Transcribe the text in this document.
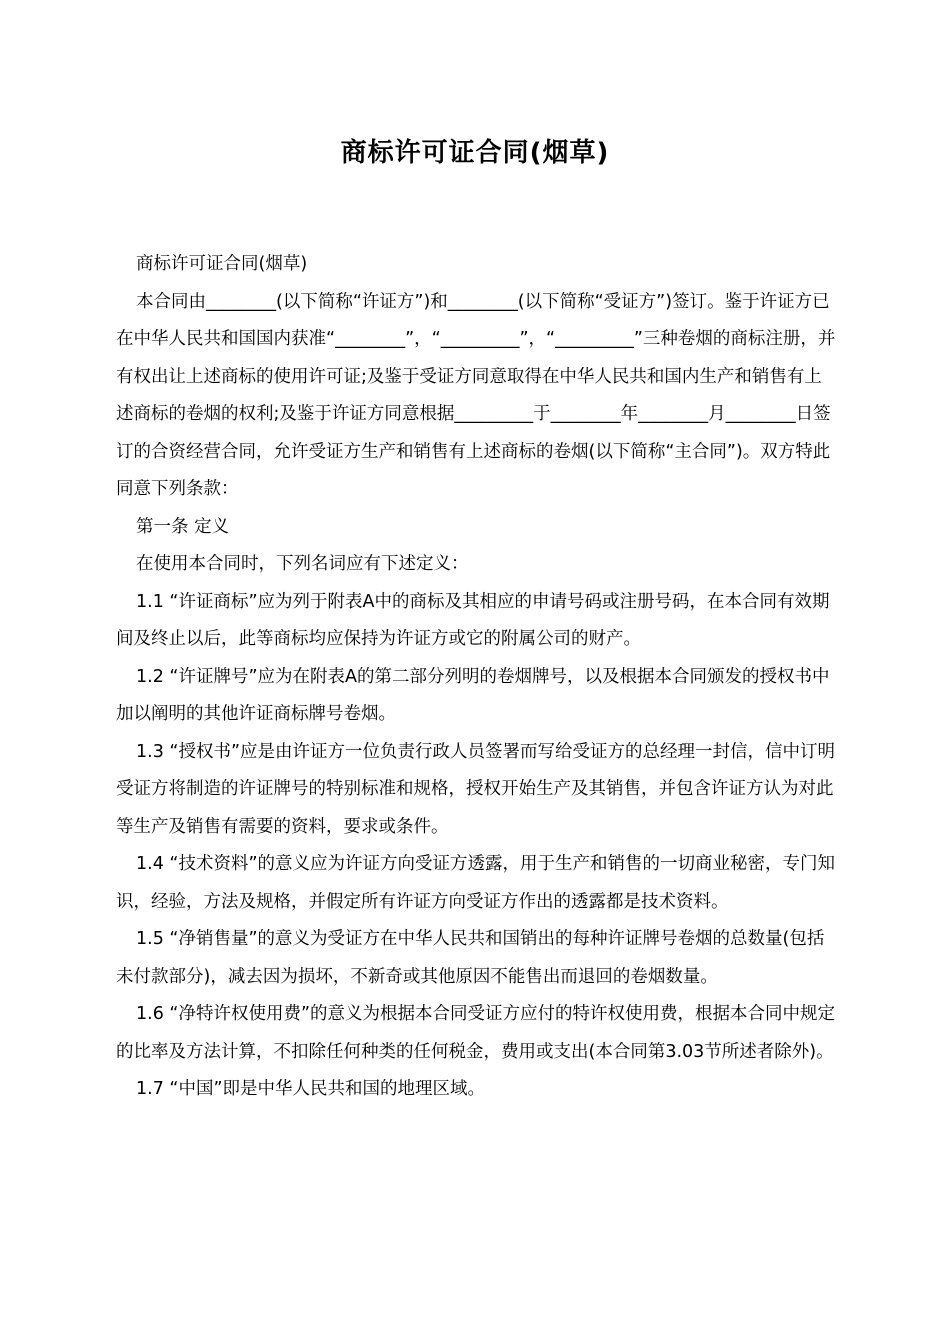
商标许可证合同(烟草)

商标许可证合同(烟草)

本合同由________(以下简称“许证方”)和________(以下简称“受证方”)签订。鉴于许证方已在中华人民共和国国内获准“________”，“_________”，“_________”三种卷烟的商标注册，并有权出让上述商标的使用许可证;及鉴于受证方同意取得在中华人民共和国内生产和销售有上述商标的卷烟的权利;及鉴于许证方同意根据_________于________年________月________日签订的合资经营合同，允许受证方生产和销售有上述商标的卷烟(以下简称“主合同”)。双方特此同意下列条款：

第一条 定义

在使用本合同时，下列名词应有下述定义：

1.1 “许证商标”应为列于附表A中的商标及其相应的申请号码或注册号码，在本合同有效期间及终止以后，此等商标均应保持为许证方或它的附属公司的财产。

1.2 “许证牌号”应为在附表A的第二部分列明的卷烟牌号，以及根据本合同颁发的授权书中加以阐明的其他许证商标牌号卷烟。

1.3 “授权书”应是由许证方一位负责行政人员签署而写给受证方的总经理一封信，信中订明受证方将制造的许证牌号的特别标准和规格，授权开始生产及其销售，并包含许证方认为对此等生产及销售有需要的资料，要求或条件。

1.4 “技术资料”的意义应为许证方向受证方透露，用于生产和销售的一切商业秘密，专门知识，经验，方法及规格，并假定所有许证方向受证方作出的透露都是技术资料。

1.5 “净销售量”的意义为受证方在中华人民共和国销出的每种许证牌号卷烟的总数量(包括未付款部分)，减去因为损坏，不新奇或其他原因不能售出而退回的卷烟数量。

1.6 “净特许权使用费”的意义为根据本合同受证方应付的特许权使用费，根据本合同中规定的比率及方法计算，不扣除任何种类的任何税金，费用或支出(本合同第3.03节所述者除外)。

1.7 “中国”即是中华人民共和国的地理区域。
